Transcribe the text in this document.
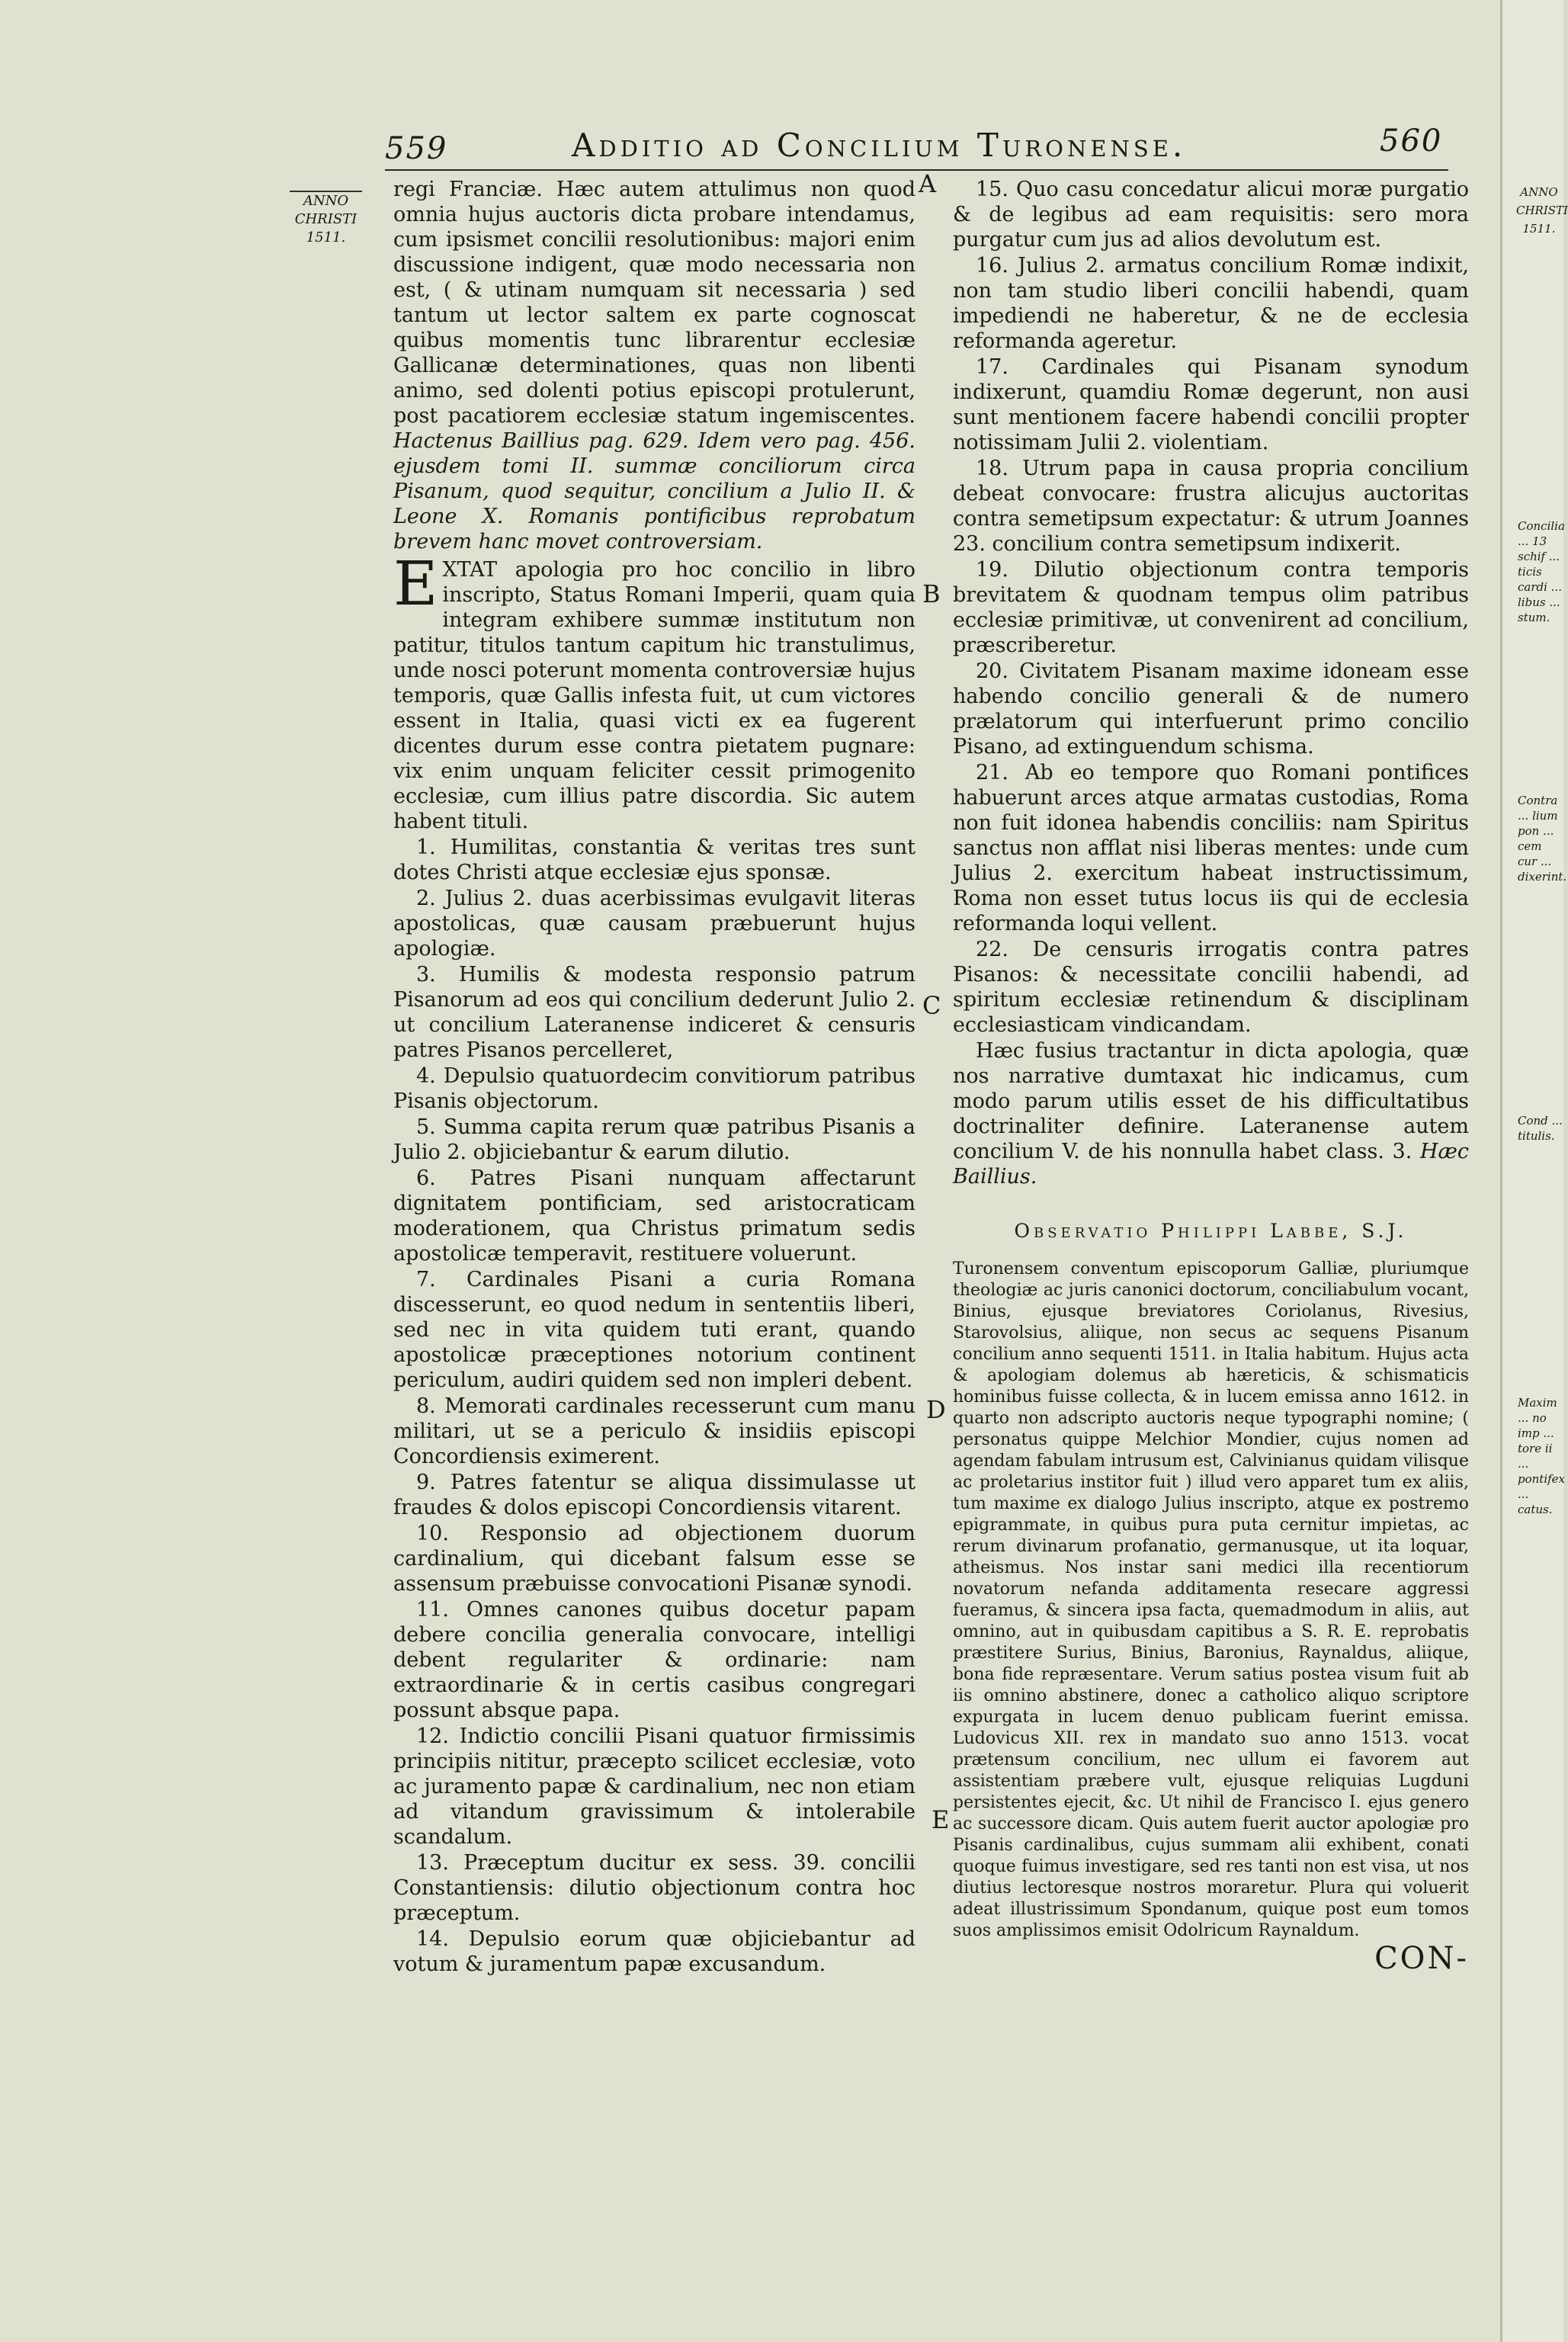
559	Additio ad Concilium Turonense.	560
ANNO
CHRISTI
1511.
A
B
C
D
E

regi Franciæ. Hæc autem attulimus non quod omnia hujus auctoris dicta probare intendamus, cum ipsismet concilii resolutionibus: majori enim discussione indigent, quæ modo necessaria non est, ( & utinam numquam sit necessaria ) sed tantum ut lector saltem ex parte cognoscat quibus momentis tunc librarentur ecclesiæ Gallicanæ determinationes, quas non libenti animo, sed dolenti potius episcopi protulerunt, post pacatiorem ecclesiæ statum ingemiscentes. Hactenus Baillius pag. 629. Idem vero pag. 456. ejusdem tomi II. summæ conciliorum circa Pisanum, quod sequitur, concilium a Julio II. & Leone X. Romanis pontificibus reprobatum brevem hanc movet controversiam.

E XTAT apologia pro hoc concilio in libro inscripto, Status Romani Imperii, quam quia integram exhibere summæ institutum non patitur, titulos tantum capitum hic transtulimus, unde nosci poterunt momenta controversiæ hujus temporis, quæ Gallis infesta fuit, ut cum victores essent in Italia, quasi victi ex ea fugerent dicentes durum esse contra pietatem pugnare: vix enim unquam feliciter cessit primogenito ecclesiæ, cum illius patre discordia. Sic autem habent tituli.

1. Humilitas, constantia & veritas tres sunt dotes Christi atque ecclesiæ ejus sponsæ.

2. Julius 2. duas acerbissimas evulgavit literas apostolicas, quæ causam præbuerunt hujus apologiæ.

3. Humilis & modesta responsio patrum Pisanorum ad eos qui concilium dederunt Julio 2. ut concilium Lateranense indiceret & censuris patres Pisanos percelleret,

4. Depulsio quatuordecim convitiorum patribus Pisanis objectorum.

5. Summa capita rerum quæ patribus Pisanis a Julio 2. objiciebantur & earum dilutio.

6. Patres Pisani nunquam affectarunt dignitatem pontificiam, sed aristocraticam moderationem, qua Christus primatum sedis apostolicæ temperavit, restituere voluerunt.

7. Cardinales Pisani a curia Romana discesserunt, eo quod nedum in sententiis liberi, sed nec in vita quidem tuti erant, quando apostolicæ præceptiones notorium continent periculum, audiri quidem sed non impleri debent.

8. Memorati cardinales recesserunt cum manu militari, ut se a periculo & insidiis episcopi Concordiensis eximerent.

9. Patres fatentur se aliqua dissimulasse ut fraudes & dolos episcopi Concordiensis vitarent.

10. Responsio ad objectionem duorum cardinalium, qui dicebant falsum esse se assensum præbuisse convocationi Pisanæ synodi.

11. Omnes canones quibus docetur papam debere concilia generalia convocare, intelligi debent regulariter & ordinarie: nam extraordinarie & in certis casibus congregari possunt absque papa.

12. Indictio concilii Pisani quatuor firmissimis principiis nititur, præcepto scilicet ecclesiæ, voto ac juramento papæ & cardinalium, nec non etiam ad vitandum gravissimum & intolerabile scandalum.

13. Præceptum ducitur ex sess. 39. concilii Constantiensis: dilutio objectionum contra hoc præceptum.

14. Depulsio eorum quæ objiciebantur ad votum & juramentum papæ excusandum.

15. Quo casu concedatur alicui moræ purgatio & de legibus ad eam requisitis: sero mora purgatur cum jus ad alios devolutum est.

16. Julius 2. armatus concilium Romæ indixit, non tam studio liberi concilii habendi, quam impediendi ne haberetur, & ne de ecclesia reformanda ageretur.

17. Cardinales qui Pisanam synodum indixerunt, quamdiu Romæ degerunt, non ausi sunt mentionem facere habendi concilii propter notissimam Julii 2. violentiam.

18. Utrum papa in causa propria concilium debeat convocare: frustra alicujus auctoritas contra semetipsum expectatur: & utrum Joannes 23. concilium contra semetipsum indixerit.

19. Dilutio objectionum contra temporis brevitatem & quodnam tempus olim patribus ecclesiæ primitivæ, ut convenirent ad concilium, præscriberetur.

20. Civitatem Pisanam maxime idoneam esse habendo concilio generali & de numero prælatorum qui interfuerunt primo concilio Pisano, ad extinguendum schisma.

21. Ab eo tempore quo Romani pontifices habuerunt arces atque armatas custodias, Roma non fuit idonea habendis conciliis: nam Spiritus sanctus non afflat nisi liberas mentes: unde cum Julius 2. exercitum habeat instructissimum, Roma non esset tutus locus iis qui de ecclesia reformanda loqui vellent.

22. De censuris irrogatis contra patres Pisanos: & necessitate concilii habendi, ad spiritum ecclesiæ retinendum & disciplinam ecclesiasticam vindicandam.

Hæc fusius tractantur in dicta apologia, quæ nos narrative dumtaxat hic indicamus, cum modo parum utilis esset de his difficultatibus doctrinaliter definire. Lateranense autem concilium V. de his nonnulla habet class. 3. Hæc Baillius.

Observatio Philippi Labbe, S.J.

Turonensem conventum episcoporum Galliæ, pluriumque theologiæ ac juris canonici doctorum, conciliabulum vocant, Binius, ejusque breviatores Coriolanus, Rivesius, Starovolsius, aliique, non secus ac sequens Pisanum concilium anno sequenti 1511. in Italia habitum. Hujus acta & apologiam dolemus ab hæreticis, & schismaticis hominibus fuisse collecta, & in lucem emissa anno 1612. in quarto non adscripto auctoris neque typographi nomine; ( personatus quippe Melchior Mondier, cujus nomen ad agendam fabulam intrusum est, Calvinianus quidam vilisque ac proletarius institor fuit ) illud vero apparet tum ex aliis, tum maxime ex dialogo Julius inscripto, atque ex postremo epigrammate, in quibus pura puta cernitur impietas, ac rerum divinarum profanatio, germanusque, ut ita loquar, atheismus. Nos instar sani medici illa recentiorum novatorum nefanda additamenta resecare aggressi fueramus, & sincera ipsa facta, quemadmodum in aliis, aut omnino, aut in quibusdam capitibus a S. R. E. reprobatis præstitere Surius, Binius, Baronius, Raynaldus, aliique, bona fide repræsentare. Verum satius postea visum fuit ab iis omnino abstinere, donec a catholico aliquo scriptore expurgata in lucem denuo publicam fuerint emissa. Ludovicus XII. rex in mandato suo anno 1513. vocat prætensum concilium, nec ullum ei favorem aut assistentiam præbere vult, ejusque reliquias Lugduni persistentes ejecit, &c. Ut nihil de Francisco I. ejus genero ac successore dicam. Quis autem fuerit auctor apologiæ pro Pisanis cardinalibus, cujus summam alii exhibent, conati quoque fuimus investigare, sed res tanti non est visa, ut nos diutius lectoresque nostros moraretur. Plura qui voluerit adeat illustrissimum Spondanum, quique post eum tomos suos amplissimos emisit Odolricum Raynaldum.

CON-
ANNO
CHRISTI
1511.
Concilia ... 13 schif ... ticis cardi ... libus ... stum.
Contra ... lium pon ... cem cur ... dixerint.
Cond ... titulis.
Maxim ... no imp ... tore ii ... pontifex ... catus.
